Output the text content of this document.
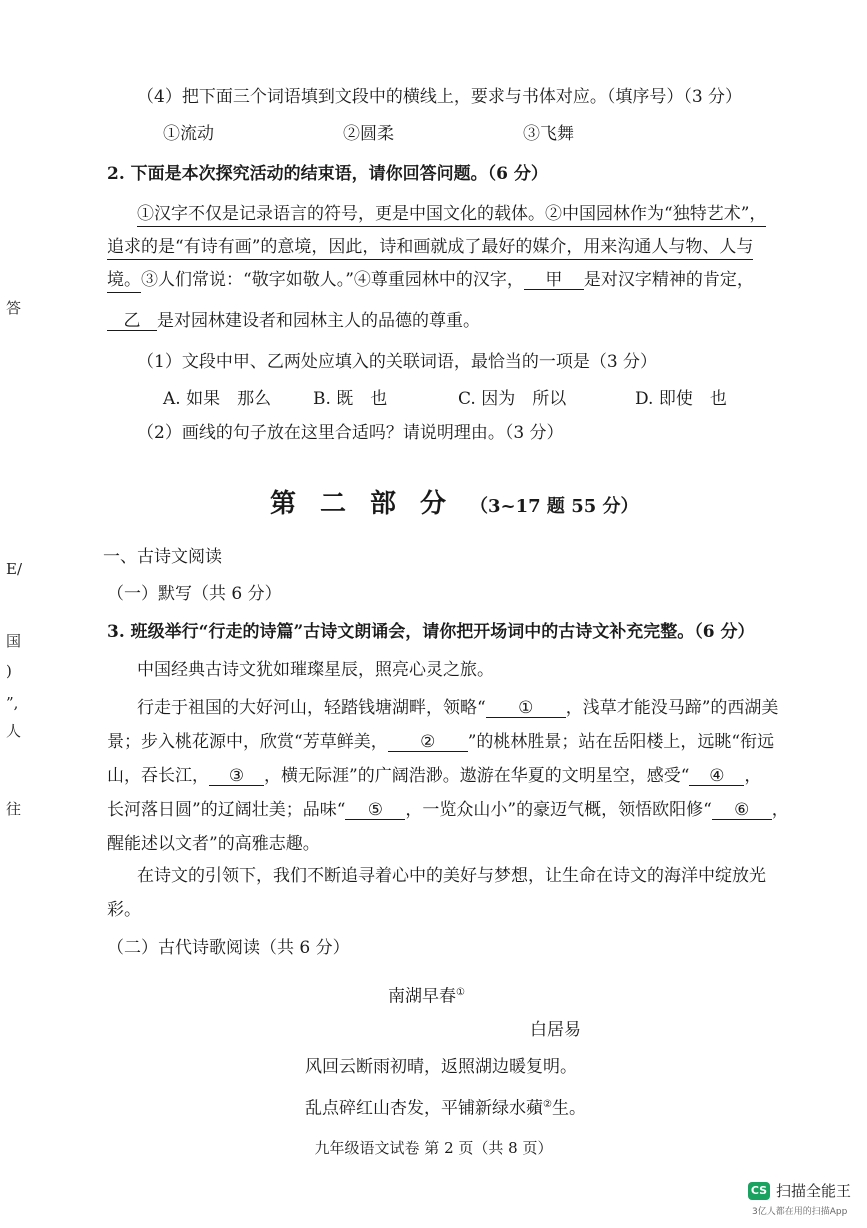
（4）把下面三个词语填到文段中的横线上，要求与书体对应。（填序号）（3 分）
①流动	②圆柔	③飞舞
2. 下面是本次探究活动的结束语，请你回答问题。（6 分）
①汉字不仅是记录语言的符号，更是中国文化的载体。②中国园林作为“独特艺术”，
追求的是“有诗有画”的意境，因此，诗和画就成了最好的媒介，用来沟通人与物、人与
境。③人们常说：“敬字如敬人。”④尊重园林中的汉字， 甲 是对汉字精神的肯定，
乙 是对园林建设者和园林主人的品德的尊重。
（1）文段中甲、乙两处应填入的关联词语，最恰当的一项是（3 分）
A. 如果　那么 B. 既　也	C. 因为　所以	D. 即使　也
（2）画线的句子放在这里合适吗？请说明理由。（3 分）
第二部分（3~17 题 55 分）
一、古诗文阅读
（一）默写（共 6 分）
3. 班级举行“行走的诗篇”古诗文朗诵会，请你把开场词中的古诗文补充完整。（6 分）
中国经典古诗文犹如璀璨星辰，照亮心灵之旅。
行走于祖国的大好河山，轻踏钱塘湖畔，领略“ ① ，浅草才能没马蹄”的西湖美
景；步入桃花源中，欣赏“芳草鲜美， ② ”的桃林胜景；站在岳阳楼上，远眺“衔远
山，吞长江， ③ ，横无际涯”的广阔浩渺。遨游在华夏的文明星空，感受“ ④ ，
长河落日圆”的辽阔壮美；品味“ ⑤ ，一览众山小”的豪迈气概，领悟欧阳修“ ⑥ ，
醒能述以文者”的高雅志趣。
在诗文的引领下，我们不断追寻着心中的美好与梦想，让生命在诗文的海洋中绽放光
彩。
（二）古代诗歌阅读（共 6 分）
南湖早春①
白居易
风回云断雨初晴，返照湖边暖复明。
乱点碎红山杏发，平铺新绿水蘋②生。
答
E/
国
)
”,
人
往
九年级语文试卷 第 2 页（共 8 页）
CS 扫描全能王
3亿人都在用的扫描App
